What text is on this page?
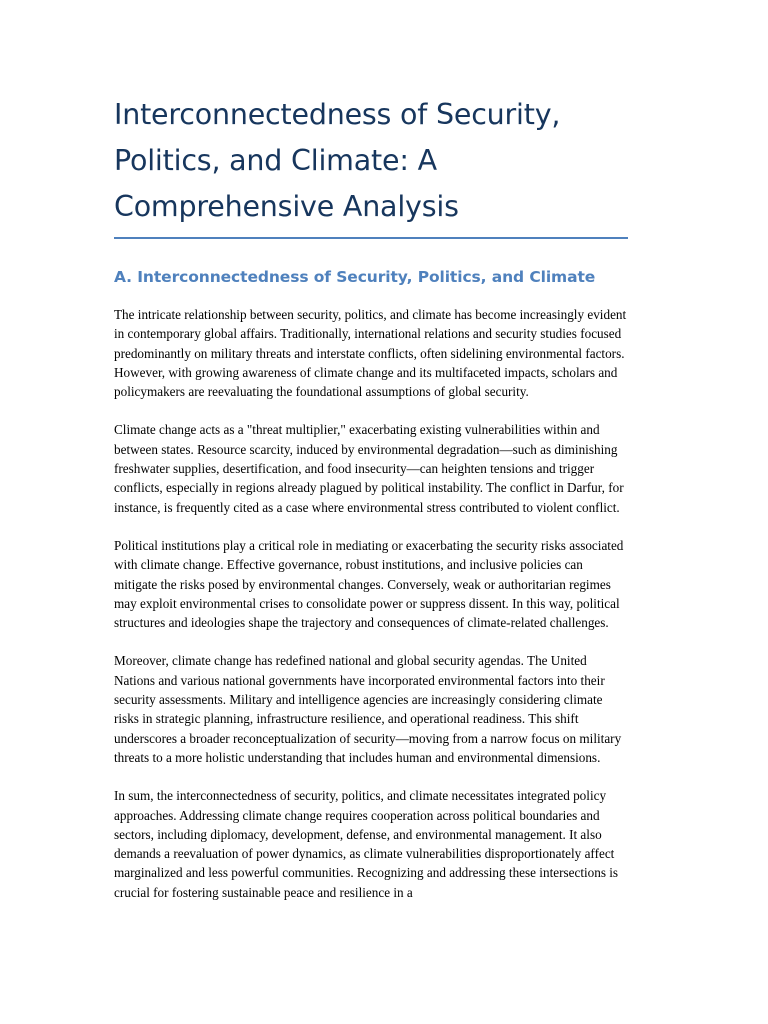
Interconnectedness of Security, Politics, and Climate: A Comprehensive Analysis
A. Interconnectedness of Security, Politics, and Climate

The intricate relationship between security, politics, and climate has become increasingly evident in contemporary global affairs. Traditionally, international relations and security studies focused predominantly on military threats and interstate conflicts, often sidelining environmental factors. However, with growing awareness of climate change and its multifaceted impacts, scholars and policymakers are reevaluating the foundational assumptions of global security.

Climate change acts as a "threat multiplier," exacerbating existing vulnerabilities within and between states. Resource scarcity, induced by environmental degradation—such as diminishing freshwater supplies, desertification, and food insecurity—can heighten tensions and trigger conflicts, especially in regions already plagued by political instability. The conflict in Darfur, for instance, is frequently cited as a case where environmental stress contributed to violent conflict.

Political institutions play a critical role in mediating or exacerbating the security risks associated with climate change. Effective governance, robust institutions, and inclusive policies can mitigate the risks posed by environmental changes. Conversely, weak or authoritarian regimes may exploit environmental crises to consolidate power or suppress dissent. In this way, political structures and ideologies shape the trajectory and consequences of climate-related challenges.

Moreover, climate change has redefined national and global security agendas. The United Nations and various national governments have incorporated environmental factors into their security assessments. Military and intelligence agencies are increasingly considering climate risks in strategic planning, infrastructure resilience, and operational readiness. This shift underscores a broader reconceptualization of security—moving from a narrow focus on military threats to a more holistic understanding that includes human and environmental dimensions.

In sum, the interconnectedness of security, politics, and climate necessitates integrated policy approaches. Addressing climate change requires cooperation across political boundaries and sectors, including diplomacy, development, defense, and environmental management. It also demands a reevaluation of power dynamics, as climate vulnerabilities disproportionately affect marginalized and less powerful communities. Recognizing and addressing these intersections is crucial for fostering sustainable peace and resilience in a
